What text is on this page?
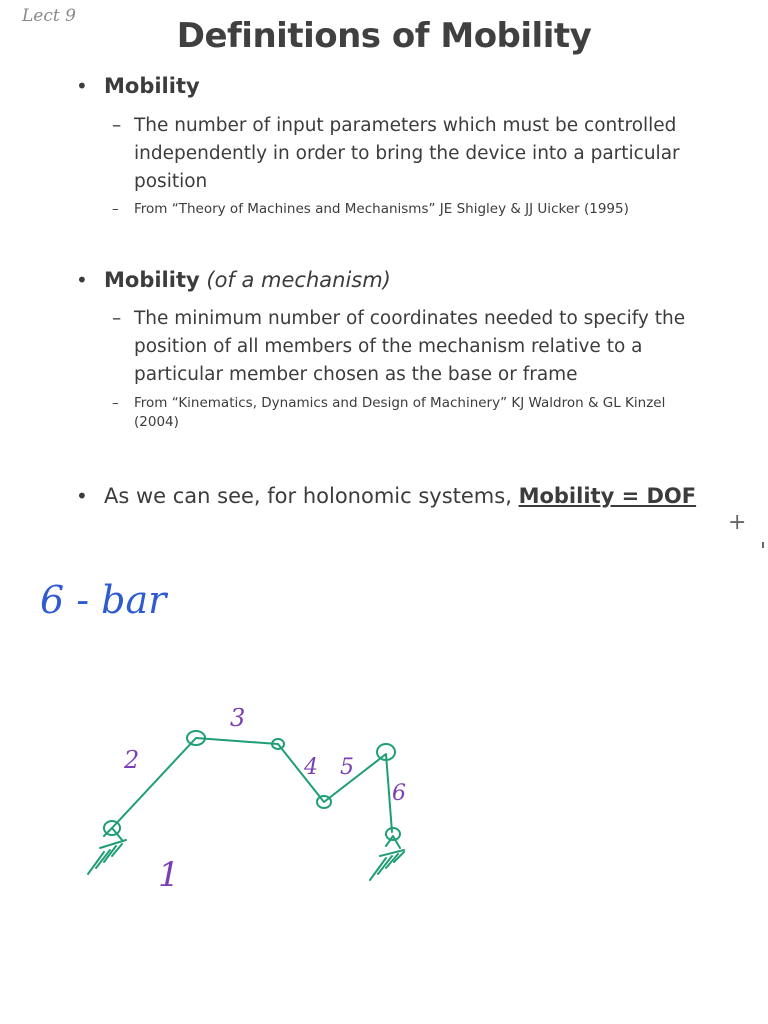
Lect 9	Definitions of Mobility
• Mobility
– The number of input parameters which must be controlled independently in order to bring the device into a particular position
–	From “Theory of Machines and Mechanisms” JE Shigley & JJ Uicker (1995)
• Mobility (of a mechanism)
– The minimum number of coordinates needed to specify the position of all members of the mechanism relative to a particular member chosen as the base or frame
–	From “Kinematics, Dynamics and Design of Machinery” KJ Waldron & GL Kinzel (2004)
• As we can see, for holonomic systems, Mobility = DOF
+
6 - bar
1
2
3
4 5
6
